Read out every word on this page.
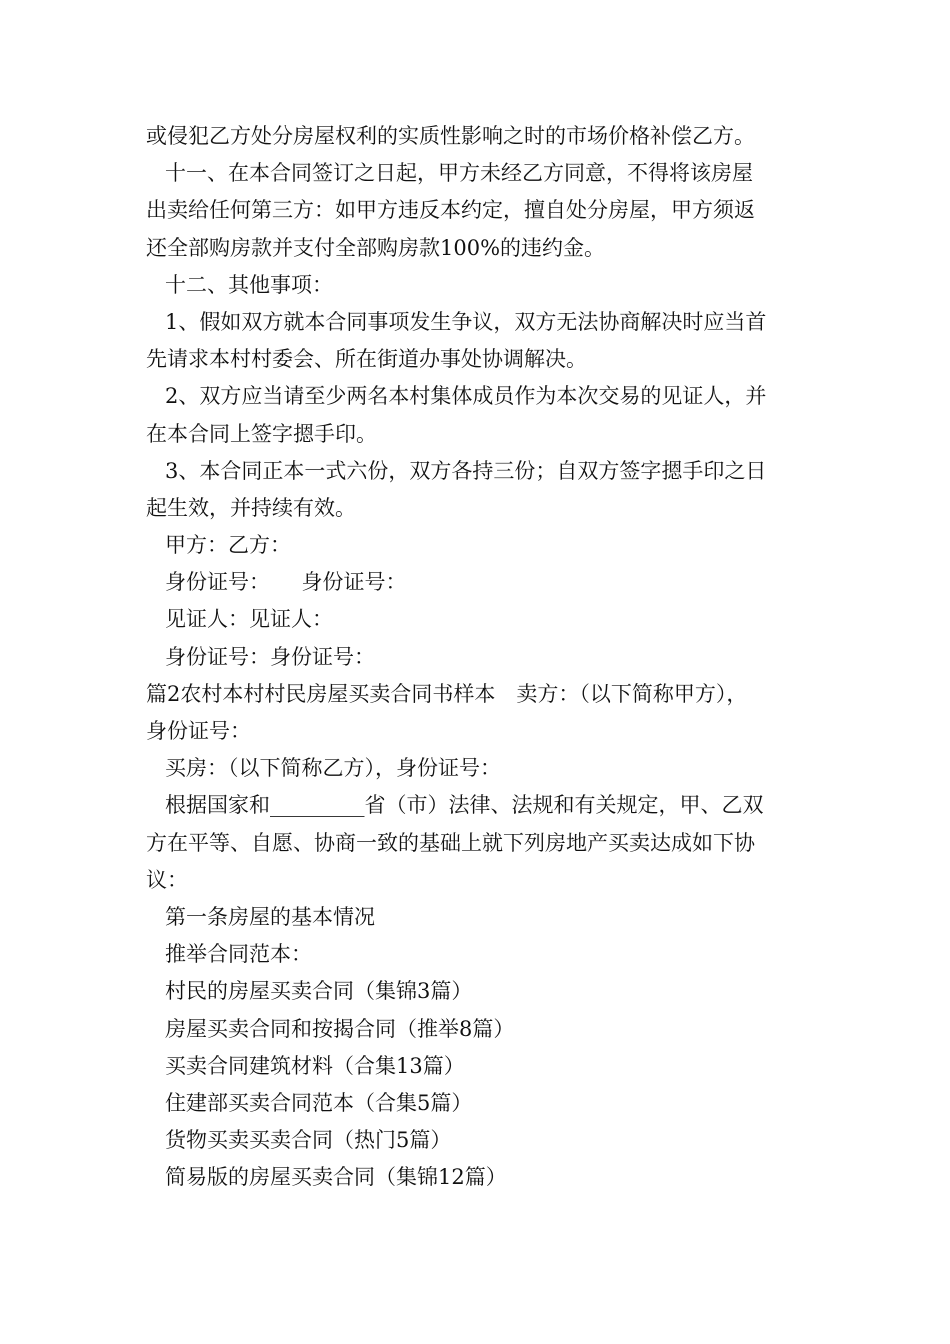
或侵犯乙方处分房屋权利的实质性影响之时的市场价格补偿乙方。
十一、在本合同签订之日起，甲方未经乙方同意，不得将该房屋
出卖给任何第三方：如甲方违反本约定，擅自处分房屋，甲方须返
还全部购房款并支付全部购房款100%的违约金。
十二、其他事项：
1、假如双方就本合同事项发生争议，双方无法协商解决时应当首
先请求本村村委会、所在街道办事处协调解决。
2、双方应当请至少两名本村集体成员作为本次交易的见证人，并
在本合同上签字摁手印。
3、本合同正本一式六份，双方各持三份；自双方签字摁手印之日
起生效，并持续有效。
甲方：乙方：
身份证号：　　身份证号：
见证人：见证人：
身份证号：身份证号：
篇2农村本村村民房屋买卖合同书样本　卖方：（以下简称甲方），
身份证号：
买房：（以下简称乙方），身份证号：
根据国家和_________省（市）法律、法规和有关规定，甲、乙双
方在平等、自愿、协商一致的基础上就下列房地产买卖达成如下协
议：
第一条房屋的基本情况
推举合同范本：
村民的房屋买卖合同（集锦3篇）
房屋买卖合同和按揭合同（推举8篇）
买卖合同建筑材料（合集13篇）
住建部买卖合同范本（合集5篇）
货物买卖买卖合同（热门5篇）
简易版的房屋买卖合同（集锦12篇）
